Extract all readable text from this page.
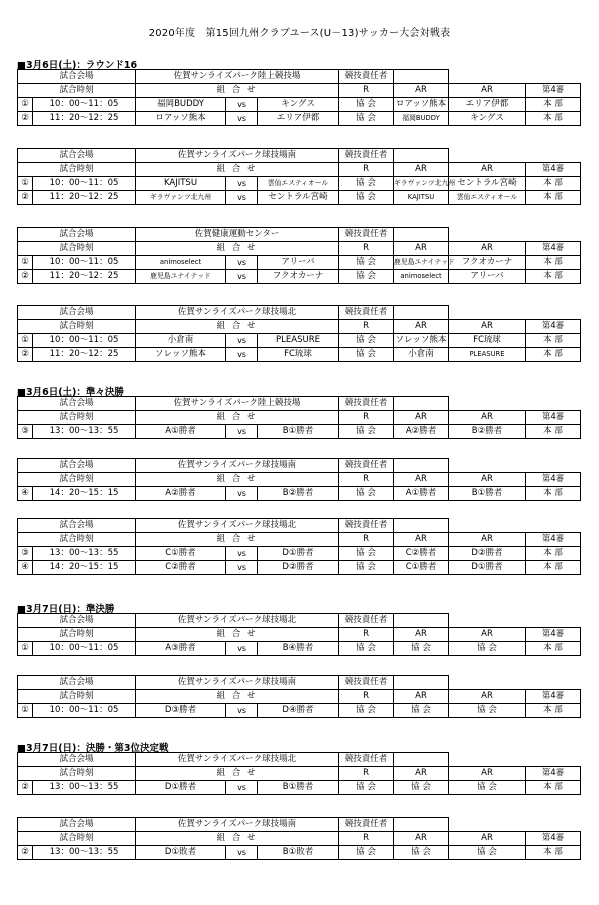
2020年度　第15回九州クラブユース(U－13)サッカー大会対戦表
■3月6日(土)：ラウンド16
試合会場		佐賀サンライズパーク陸上競技場			競技責任者			
試合時刻		組 合 せ			R	AR	AR	第4審
①	10：00～11：05	福岡BUDDY	vs	キングス	協 会	ロアッソ熊本	エリア伊都	本 部
②	11：20～12：25	ロアッソ熊本	vs	エリア伊都	協 会	福岡BUDDY	キングス	本 部
試合会場		佐賀サンライズパーク球技場南			競技責任者			
試合時刻		組 合 せ			R	AR	AR	第4審
①	10：00～11：05	KAJITSU	vs	雲仙エスティオール	協 会	ギラヴァンツ北九州	セントラル宮崎	本 部
②	11：20～12：25	ギラヴァンツ北九州	vs	セントラル宮崎	協 会	KAJITSU	雲仙エスティオール	本 部
試合会場		佐賀健康運動センター			競技責任者			
試合時刻		組 合 せ			R	AR	AR	第4審
①	10：00～11：05	animoselect	vs	アリーバ	協 会	鹿児島ユナイテッド	フクオカーナ	本 部
②	11：20～12：25	鹿児島ユナイテッド	vs	フクオカーナ	協 会	animoselect	アリーバ	本 部
試合会場		佐賀サンライズパーク球技場北			競技責任者			
試合時刻		組 合 せ			R	AR	AR	第4審
①	10：00～11：05	小倉南	vs	PLEASURE	協 会	ソレッソ熊本	FC琉球	本 部
②	11：20～12：25	ソレッソ熊本	vs	FC琉球	協 会	小倉南	PLEASURE	本 部
■3月6日(土)：準々決勝
試合会場		佐賀サンライズパーク陸上競技場			競技責任者			
試合時刻		組 合 せ			R	AR	AR	第4審
③	13：00～13：55	A①勝者	vs	B①勝者	協 会	A②勝者	B②勝者	本 部
試合会場		佐賀サンライズパーク球技場南			競技責任者			
試合時刻		組 合 せ			R	AR	AR	第4審
④	14：20～15：15	A②勝者	vs	B②勝者	協 会	A①勝者	B①勝者	本 部
試合会場		佐賀サンライズパーク球技場北			競技責任者			
試合時刻		組 合 せ			R	AR	AR	第4審
③	13：00～13：55	C①勝者	vs	D①勝者	協 会	C②勝者	D②勝者	本 部
④	14：20～15：15	C②勝者	vs	D②勝者	協 会	C①勝者	D①勝者	本 部
■3月7日(日)：準決勝
試合会場		佐賀サンライズパーク球技場北			競技責任者			
試合時刻		組 合 せ			R	AR	AR	第4審
①	10：00～11：05	A③勝者	vs	B④勝者	協 会	協 会	協 会	本 部
試合会場		佐賀サンライズパーク球技場南			競技責任者			
試合時刻		組 合 せ			R	AR	AR	第4審
①	10：00～11：05	D③勝者	vs	D④勝者	協 会	協 会	協 会	本 部
■3月7日(日)：決勝・第3位決定戦
試合会場		佐賀サンライズパーク球技場北			競技責任者			
試合時刻		組 合 せ			R	AR	AR	第4審
②	13：00～13：55	D①勝者	vs	B①勝者	協 会	協 会	協 会	本 部
試合会場		佐賀サンライズパーク球技場南			競技責任者			
試合時刻		組 合 せ			R	AR	AR	第4審
②	13：00～13：55	D①敗者	vs	B①敗者	協 会	協 会	協 会	本 部
